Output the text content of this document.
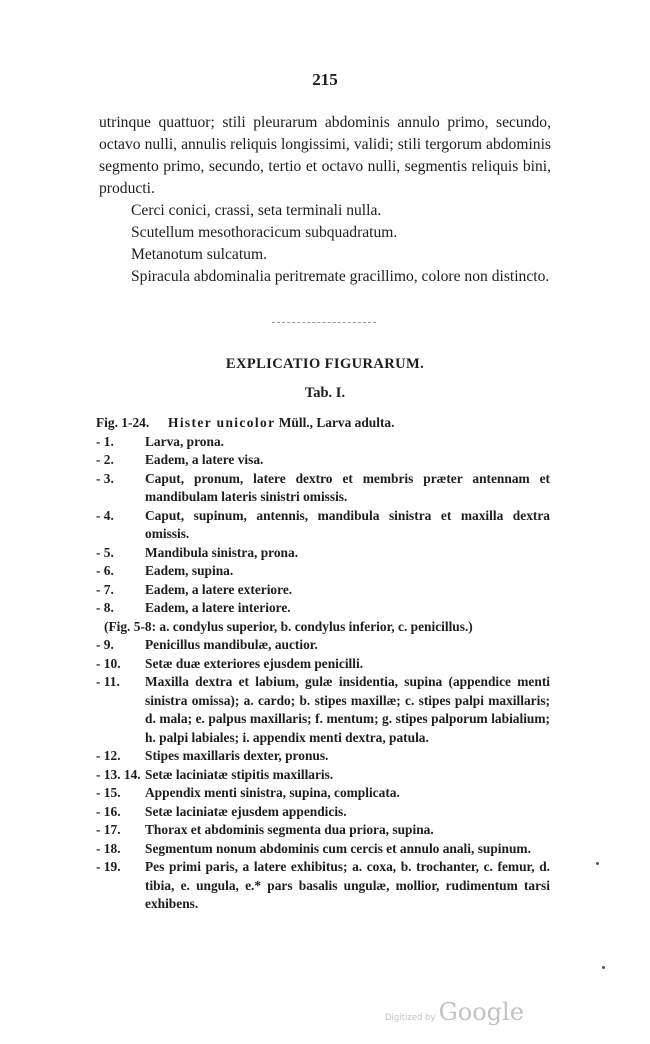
215

utrinque quattuor; stili pleurarum abdominis annulo primo, secundo, octavo nulli, annulis reliquis longissimi, validi; stili tergorum abdominis segmento primo, secundo, tertio et octavo nulli, segmentis reliquis bini, producti.

Cerci conici, crassi, seta terminali nulla.

Scutellum mesothoracicum subquadratum.

Metanotum sulcatum.

Spiracula abdominalia peritremate gracillimo, colore non distincto.

EXPLICATIO FIGURARUM.
Tab. I.
Fig. 1-24.	Hister unicolor Müll., Larva adulta.
- 1.	Larva, prona.
- 2.	Eadem, a latere visa.
- 3.	Caput, pronum, latere dextro et membris præter antennam et mandibulam lateris sinistri omissis.
- 4.	Caput, supinum, antennis, mandibula sinistra et maxilla dextra omissis.
- 5.	Mandibula sinistra, prona.
- 6.	Eadem, supina.
- 7.	Eadem, a latere exteriore.
- 8.	Eadem, a latere interiore.
(Fig. 5-8: a. condylus superior, b. condylus inferior, c. penicillus.)
- 9.	Penicillus mandibulæ, auctior.
- 10.	Setæ duæ exteriores ejusdem penicilli.
- 11.	Maxilla dextra et labium, gulæ insidentia, supina (appendice menti sinistra omissa); a. cardo; b. stipes maxillæ; c. stipes palpi maxillaris; d. mala; e. palpus maxillaris; f. mentum; g. stipes palporum labialium; h. palpi labiales; i. appendix menti dextra, patula.
- 12.	Stipes maxillaris dexter, pronus.
- 13. 14. Setæ laciniatæ stipitis maxillaris.
- 15.	Appendix menti sinistra, supina, complicata.
- 16.	Setæ laciniatæ ejusdem appendicis.
- 17.	Thorax et abdominis segmenta dua priora, supina.
- 18.	Segmentum nonum abdominis cum cercis et annulo anali, supinum.
- 19.	Pes primi paris, a latere exhibitus; a. coxa, b. trochanter, c. femur, d. tibia, e. ungula, e.* pars basalis ungulæ, mollior, rudimentum tarsi exhibens.
Digitized by Google
